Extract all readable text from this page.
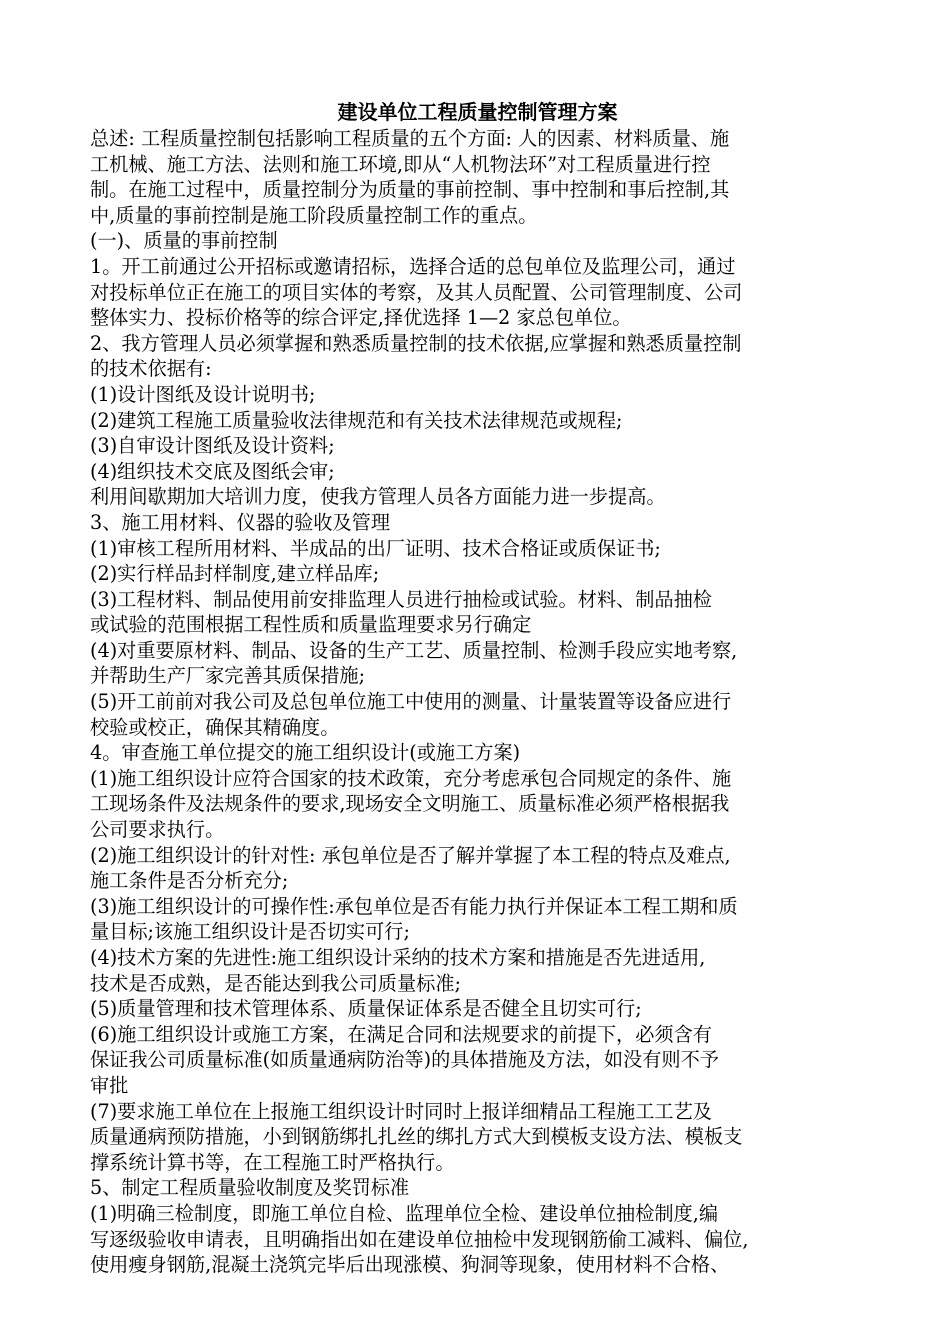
建设单位工程质量控制管理方案
总述: 工程质量控制包括影响工程质量的五个方面: 人的因素、材料质量、施
工机械、施工方法、法则和施工环境,即从“人机物法环”对工程质量进行控
制。在施工过程中，质量控制分为质量的事前控制、事中控制和事后控制,其
中,质量的事前控制是施工阶段质量控制工作的重点。
(一)、质量的事前控制
1。开工前通过公开招标或邀请招标，选择合适的总包单位及监理公司，通过
对投标单位正在施工的项目实体的考察，及其人员配置、公司管理制度、公司
整体实力、投标价格等的综合评定,择优选择 1—2 家总包单位。
2、我方管理人员必须掌握和熟悉质量控制的技术依据,应掌握和熟悉质量控制
的技术依据有:
(1)设计图纸及设计说明书;
(2)建筑工程施工质量验收法律规范和有关技术法律规范或规程;
(3)自审设计图纸及设计资料;
(4)组织技术交底及图纸会审;
利用间歇期加大培训力度，使我方管理人员各方面能力进一步提高。
3、施工用材料、仪器的验收及管理
(1)审核工程所用材料、半成品的出厂证明、技术合格证或质保证书;
(2)实行样品封样制度,建立样品库;
(3)工程材料、制品使用前安排监理人员进行抽检或试验。材料、制品抽检
或试验的范围根据工程性质和质量监理要求另行确定
(4)对重要原材料、制品、设备的生产工艺、质量控制、检测手段应实地考察,
并帮助生产厂家完善其质保措施;
(5)开工前前对我公司及总包单位施工中使用的测量、计量装置等设备应进行
校验或校正，确保其精确度。
4。审查施工单位提交的施工组织设计(或施工方案)
(1)施工组织设计应符合国家的技术政策，充分考虑承包合同规定的条件、施
工现场条件及法规条件的要求,现场安全文明施工、质量标准必须严格根据我
公司要求执行。
(2)施工组织设计的针对性: 承包单位是否了解并掌握了本工程的特点及难点,
施工条件是否分析充分;
(3)施工组织设计的可操作性:承包单位是否有能力执行并保证本工程工期和质
量目标;该施工组织设计是否切实可行;
(4)技术方案的先进性:施工组织设计采纳的技术方案和措施是否先进适用,
技术是否成熟，是否能达到我公司质量标准;
(5)质量管理和技术管理体系、质量保证体系是否健全且切实可行;
(6)施工组织设计或施工方案，在满足合同和法规要求的前提下，必须含有
保证我公司质量标准(如质量通病防治等)的具体措施及方法，如没有则不予
审批
(7)要求施工单位在上报施工组织设计时同时上报详细精品工程施工工艺及
质量通病预防措施，小到钢筋绑扎扎丝的绑扎方式大到模板支设方法、模板支
撑系统计算书等，在工程施工时严格执行。
5、制定工程质量验收制度及奖罚标准
(1)明确三检制度，即施工单位自检、监理单位全检、建设单位抽检制度,编
写逐级验收申请表，且明确指出如在建设单位抽检中发现钢筋偷工减料、偏位,
使用瘦身钢筋,混凝土浇筑完毕后出现涨模、狗洞等现象，使用材料不合格、
